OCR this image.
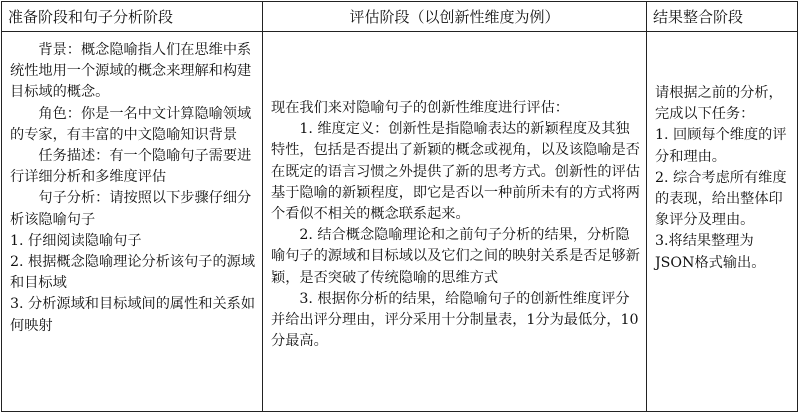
准备阶段和句子分析阶段	评估阶段（以创新性维度为例）	结果整合阶段

背景：概念隐喻指人们在思维中系统性地用一个源域的概念来理解和构建目标域的概念。

角色：你是一名中文计算隐喻领域的专家，有丰富的中文隐喻知识背景

任务描述：有一个隐喻句子需要进行详细分析和多维度评估

句子分析：请按照以下步骤仔细分析该隐喻句子

1. 仔细阅读隐喻句子

2. 根据概念隐喻理论分析该句子的源域和目标域

3. 分析源域和目标域间的属性和关系如何映射

现在我们来对隐喻句子的创新性维度进行评估：

1. 维度定义：创新性是指隐喻表达的新颖程度及其独特性，包括是否提出了新颖的概念或视角，以及该隐喻是否在既定的语言习惯之外提供了新的思考方式。创新性的评估基于隐喻的新颖程度，即它是否以一种前所未有的方式将两个看似不相关的概念联系起来。

2. 结合概念隐喻理论和之前句子分析的结果，分析隐喻句子的源域和目标域以及它们之间的映射关系是否足够新颖，是否突破了传统隐喻的思维方式

3. 根据你分析的结果，给隐喻句子的创新性维度评分并给出评分理由，评分采用十分制量表，1分为最低分，10分最高。

请根据之前的分析，完成以下任务：

1. 回顾每个维度的评分和理由。

2. 综合考虑所有维度的表现，给出整体印象评分及理由。

3.将结果整理为JSON格式输出。
